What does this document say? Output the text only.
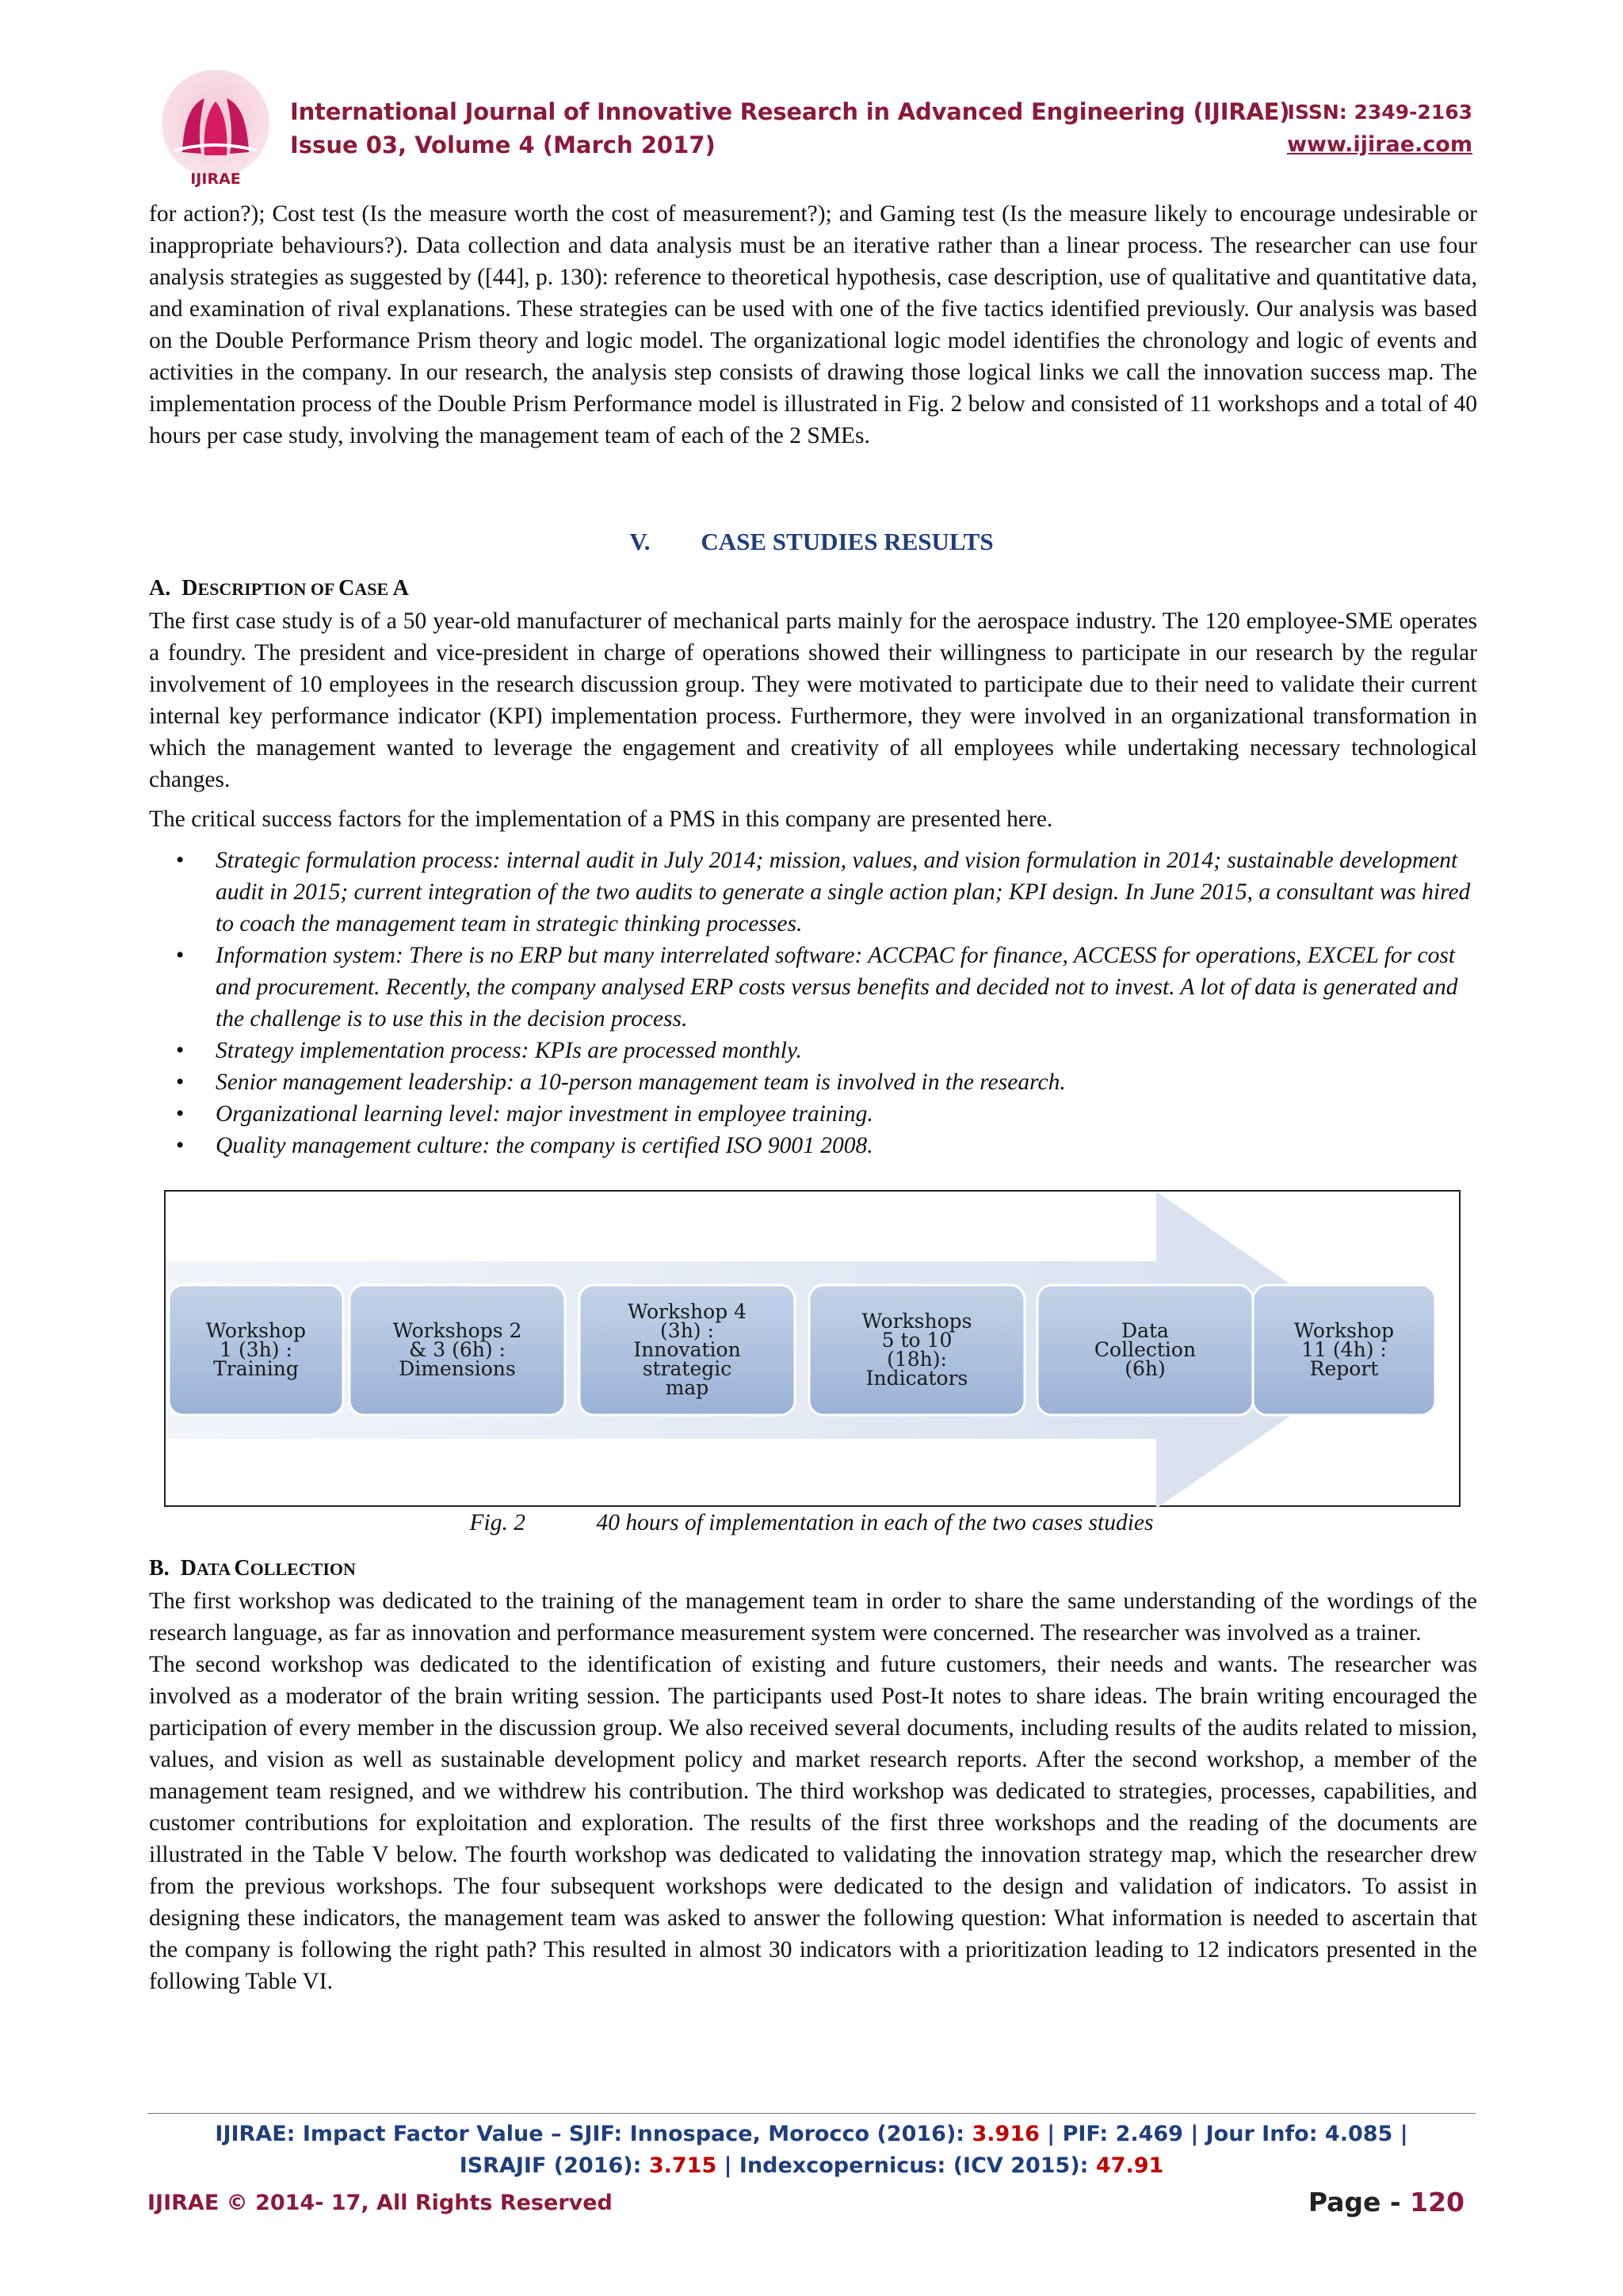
IJIRAE
International Journal of Innovative Research in Advanced Engineering (IJIRAE)
ISSN: 2349-2163
Issue 03, Volume 4 (March 2017)	www.ijirae.com
for action?); Cost test (Is the measure worth the cost of measurement?); and Gaming test (Is the measure likely to encourage undesirable or inappropriate behaviours?). Data collection and data analysis must be an iterative rather than a linear process. The researcher can use four analysis strategies as suggested by ([44], p. 130): reference to theoretical hypothesis, case description, use of qualitative and quantitative data, and examination of rival explanations. These strategies can be used with one of the five tactics identified previously. Our analysis was based on the Double Performance Prism theory and logic model. The organizational logic model identifies the chronology and logic of events and activities in the company. In our research, the analysis step consists of drawing those logical links we call the innovation success map. The implementation process of the Double Prism Performance model is illustrated in Fig. 2 below and consisted of 11 workshops and a total of 40 hours per case study, involving the management team of each of the 2 SMEs.
V. CASE STUDIES RESULTS
A. DESCRIPTION OF CASE A

The first case study is of a 50 year-old manufacturer of mechanical parts mainly for the aerospace industry. The 120 employee-SME operates a foundry. The president and vice-president in charge of operations showed their willingness to participate in our research by the regular involvement of 10 employees in the research discussion group. They were motivated to participate due to their need to validate their current internal key performance indicator (KPI) implementation process. Furthermore, they were involved in an organizational transformation in which the management wanted to leverage the engagement and creativity of all employees while undertaking necessary technological changes.

The critical success factors for the implementation of a PMS in this company are presented here.

• Strategic formulation process: internal audit in July 2014; mission, values, and vision formulation in 2014; sustainable development audit in 2015; current integration of the two audits to generate a single action plan; KPI design. In June 2015, a consultant was hired to coach the management team in strategic thinking processes.
• Information system: There is no ERP but many interrelated software: ACCPAC for finance, ACCESS for operations, EXCEL for cost and procurement. Recently, the company analysed ERP costs versus benefits and decided not to invest. A lot of data is generated and the challenge is to use this in the decision process.
• Strategy implementation process: KPIs are processed monthly.
• Senior management leadership: a 10-person management team is involved in the research.
• Organizational learning level: major investment in employee training.
• Quality management culture: the company is certified ISO 9001 2008.
Workshop
1 (3h) :
Training
Workshops 2
& 3 (6h) :
Dimensions
Workshop 4
(3h) :
Innovation
strategic
map
Workshops
5 to 10
(18h):
Indicators
Data
Collection
(6h)
Workshop
11 (4h) :
Report
Fig. 2	40 hours of implementation in each of the two cases studies
B. DATA COLLECTION

The first workshop was dedicated to the training of the management team in order to share the same understanding of the wordings of the research language, as far as innovation and performance measurement system were concerned. The researcher was involved as a trainer.

The second workshop was dedicated to the identification of existing and future customers, their needs and wants. The researcher was involved as a moderator of the brain writing session. The participants used Post-It notes to share ideas. The brain writing encouraged the participation of every member in the discussion group. We also received several documents, including results of the audits related to mission, values, and vision as well as sustainable development policy and market research reports. After the second workshop, a member of the management team resigned, and we withdrew his contribution. The third workshop was dedicated to strategies, processes, capabilities, and customer contributions for exploitation and exploration. The results of the first three workshops and the reading of the documents are illustrated in the Table V below. The fourth workshop was dedicated to validating the innovation strategy map, which the researcher drew from the previous workshops. The four subsequent workshops were dedicated to the design and validation of indicators. To assist in designing these indicators, the management team was asked to answer the following question: What information is needed to ascertain that the company is following the right path? This resulted in almost 30 indicators with a prioritization leading to 12 indicators presented in the following Table VI.

IJIRAE: Impact Factor Value – SJIF: Innospace, Morocco (2016): 3.916 | PIF: 2.469 | Jour Info: 4.085 |
ISRAJIF (2016): 3.715 | Indexcopernicus: (ICV 2015): 47.91
IJIRAE © 2014- 17, All Rights Reserved	Page - 120
